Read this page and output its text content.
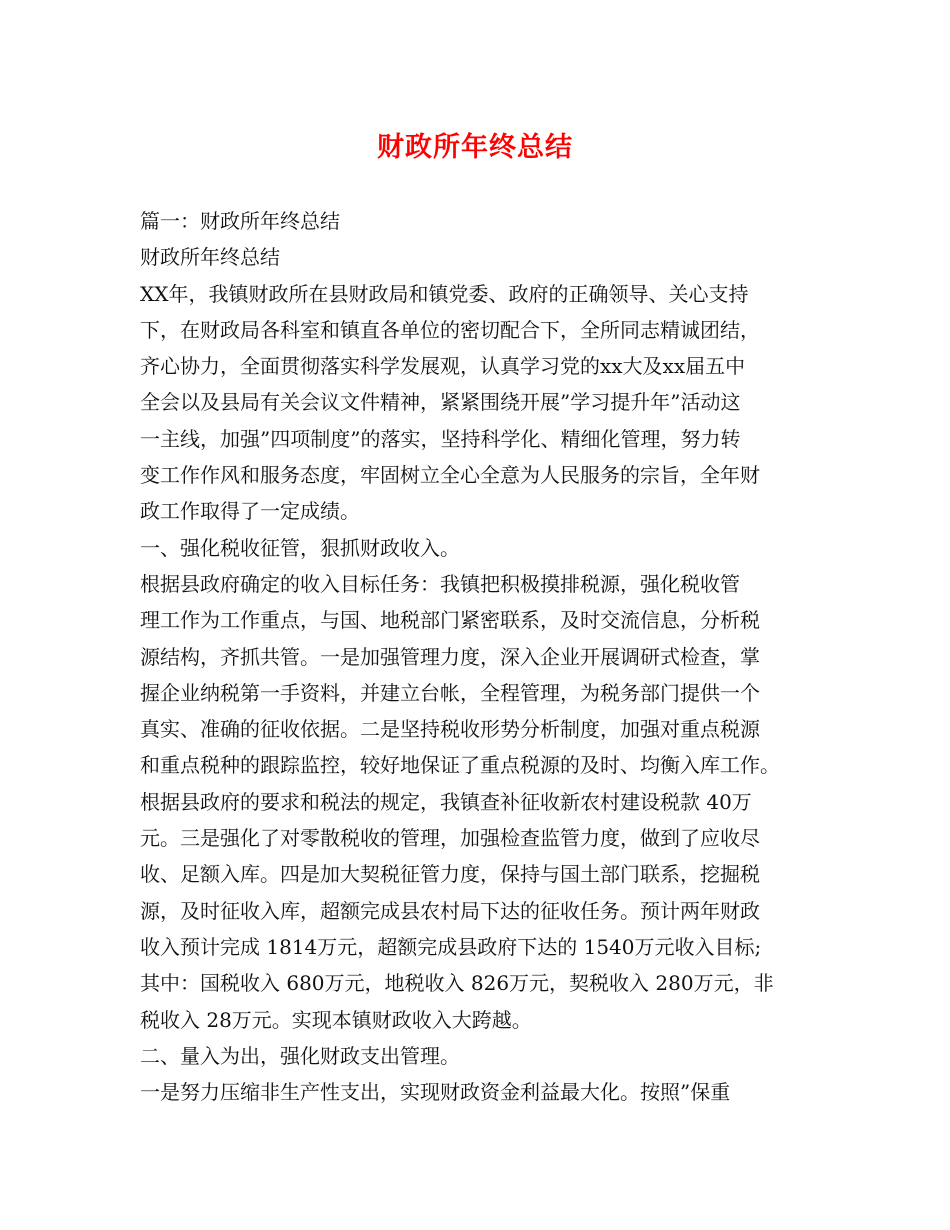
财政所年终总结
篇一：财政所年终总结
财政所年终总结
XX年，我镇财政所在县财政局和镇党委、政府的正确领导、关心支持
下，在财政局各科室和镇直各单位的密切配合下，全所同志精诚团结，
齐心协力，全面贯彻落实科学发展观，认真学习党的xx大及xx届五中
全会以及县局有关会议文件精神，紧紧围绕开展”学习提升年”活动这
一主线，加强”四项制度”的落实，坚持科学化、精细化管理，努力转
变工作作风和服务态度，牢固树立全心全意为人民服务的宗旨，全年财
政工作取得了一定成绩。
一、强化税收征管，狠抓财政收入。
根据县政府确定的收入目标任务：我镇把积极摸排税源，强化税收管
理工作为工作重点，与国、地税部门紧密联系，及时交流信息，分析税
源结构，齐抓共管。一是加强管理力度，深入企业开展调研式检查，掌
握企业纳税第一手资料，并建立台帐，全程管理，为税务部门提供一个
真实、准确的征收依据。二是坚持税收形势分析制度，加强对重点税源
和重点税种的跟踪监控，较好地保证了重点税源的及时、均衡入库工作。
根据县政府的要求和税法的规定，我镇查补征收新农村建设税款 40万
元。三是强化了对零散税收的管理，加强检查监管力度，做到了应收尽
收、足额入库。四是加大契税征管力度，保持与国土部门联系，挖掘税
源，及时征收入库，超额完成县农村局下达的征收任务。预计两年财政
收入预计完成 1814万元，超额完成县政府下达的 1540万元收入目标;
其中：国税收入 680万元，地税收入 826万元，契税收入 280万元，非
税收入 28万元。实现本镇财政收入大跨越。
二、量入为出，强化财政支出管理。
一是努力压缩非生产性支出，实现财政资金利益最大化。按照”保重
